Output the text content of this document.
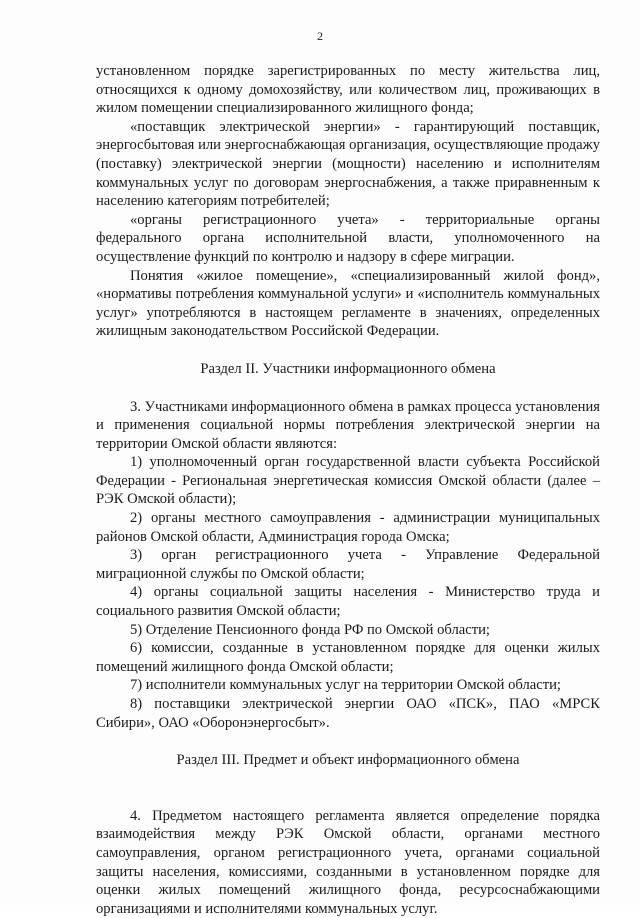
2

установленном порядке зарегистрированных по месту жительства лиц, относящихся к одному домохозяйству, или количеством лиц, проживающих в жилом помещении специализированного жилищного фонда;

«поставщик электрической энергии» - гарантирующий поставщик, энергосбытовая или энергоснабжающая организация, осуществляющие продажу (поставку) электрической энергии (мощности) населению и исполнителям коммунальных услуг по договорам энергоснабжения, а также приравненным к населению категориям потребителей;

«органы регистрационного учета» - территориальные органы федерального органа исполнительной власти, уполномоченного на осуществление функций по контролю и надзору в сфере миграции.

Понятия «жилое помещение», «специализированный жилой фонд», «нормативы потребления коммунальной услуги» и «исполнитель коммунальных услуг» употребляются в настоящем регламенте в значениях, определенных жилищным законодательством Российской Федерации.

Раздел II. Участники информационного обмена

3. Участниками информационного обмена в рамках процесса установления и применения социальной нормы потребления электрической энергии на территории Омской области являются:

1) уполномоченный орган государственной власти субъекта Российской Федерации - Региональная энергетическая комиссия Омской области (далее – РЭК Омской области);

2) органы местного самоуправления - администрации муниципальных районов Омской области, Администрация города Омска;

3) орган регистрационного учета - Управление Федеральной миграционной службы по Омской области;

4) органы социальной защиты населения - Министерство труда и социального развития Омской области;

5) Отделение Пенсионного фонда РФ по Омской области;

6) комиссии, созданные в установленном порядке для оценки жилых помещений жилищного фонда Омской области;

7) исполнители коммунальных услуг на территории Омской области;

8) поставщики электрической энергии ОАО «ПСК», ПАО «МРСК Сибири», ОАО «Оборонэнергосбыт».

Раздел III. Предмет и объект информационного обмена

4. Предметом настоящего регламента является определение порядка взаимодействия между РЭК Омской области, органами местного самоуправления, органом регистрационного учета, органами социальной защиты населения, комиссиями, созданными в установленном порядке для оценки жилых помещений жилищного фонда, ресурсоснабжающими организациями и исполнителями коммунальных услуг.
